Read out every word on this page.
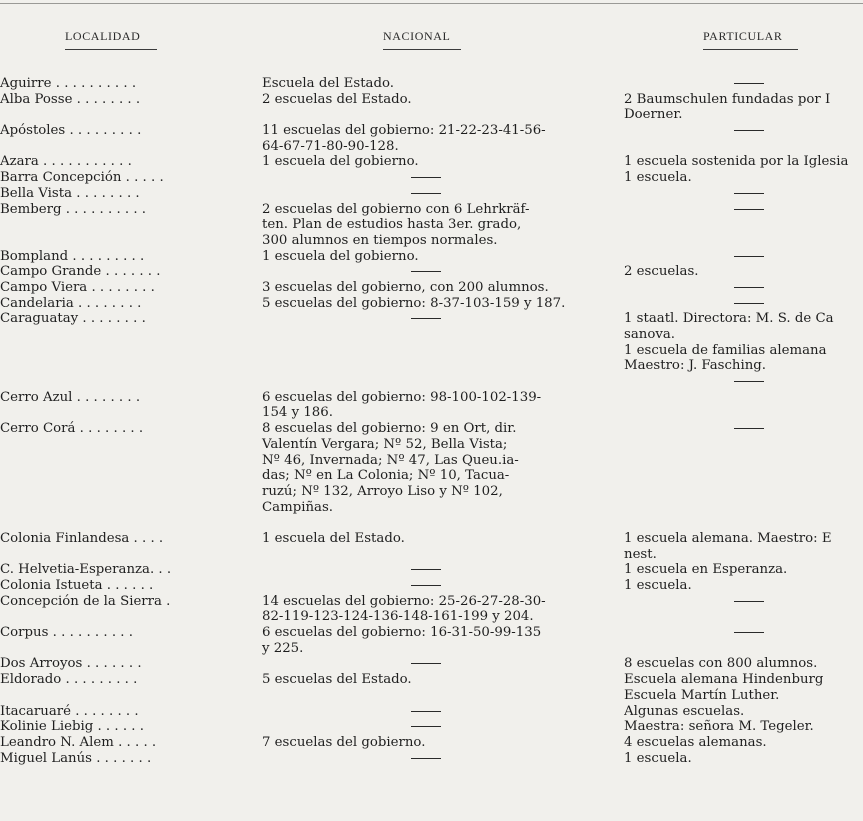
LOCALIDAD	NACIONAL	PARTICULAR
Aguirre . . . . . . . . . .
Alba Posse . . . . . . . .
Apóstoles . . . . . . . . .
Azara . . . . . . . . . . .
Barra Concepción . . . . .
Bella Vista . . . . . . . .
Bemberg . . . . . . . . . .
Bompland . . . . . . . . .
Campo Grande . . . . . . .
Campo Viera . . . . . . . .
Candelaria . . . . . . . .
Caraguatay . . . . . . . .
Cerro Azul . . . . . . . .
Cerro Corá . . . . . . . .
Colonia Finlandesa . . . .
C. Helvetia-Esperanza. . .
Colonia Istueta . . . . . .
Concepción de la Sierra .
Corpus . . . . . . . . . .
Dos Arroyos . . . . . . .
Eldorado . . . . . . . . .
Itacaruaré . . . . . . . .
Kolinie Liebig . . . . . .
Leandro N. Alem . . . . .
Miguel Lanús . . . . . . .
Escuela del Estado.
2 escuelas del Estado.
11 escuelas del gobierno: 21-22-23-41-56-
64-67-71-80-90-128.
1 escuela del gobierno.
2 escuelas del gobierno con 6 Lehrkräf-
ten. Plan de estudios hasta 3er. grado,
300 alumnos en tiempos normales.
1 escuela del gobierno.
3 escuelas del gobierno, con 200 alumnos.
5 escuelas del gobierno: 8-37-103-159 y 187.
6 escuelas del gobierno: 98-100-102-139-
154 y 186.
8 escuelas del gobierno: 9 en Ort, dir.
Valentín Vergara; Nº 52, Bella Vista;
Nº 46, Invernada; Nº 47, Las Queu.ia-
das; Nº en La Colonia; Nº 10, Tacua-
ruzú; Nº 132, Arroyo Liso y Nº 102,
Campiñas.
1 escuela del Estado.
14 escuelas del gobierno: 25-26-27-28-30-
82-119-123-124-136-148-161-199 y 204.
6 escuelas del gobierno: 16-31-50-99-135
y 225.
5 escuelas del Estado.
7 escuelas del gobierno.
2 Baumschulen fundadas por I
Doerner.
1 escuela sostenida por la Iglesia
1 escuela.
2 escuelas.
1 staatl. Directora: M. S. de Ca
sanova.
1 escuela de familias alemana
Maestro: J. Fasching.
1 escuela alemana. Maestro: E
nest.
1 escuela en Esperanza.
1 escuela.
8 escuelas con 800 alumnos.
Escuela alemana Hindenburg
Escuela Martín Luther.
Algunas escuelas.
Maestra: señora M. Tegeler.
4 escuelas alemanas.
1 escuela.
